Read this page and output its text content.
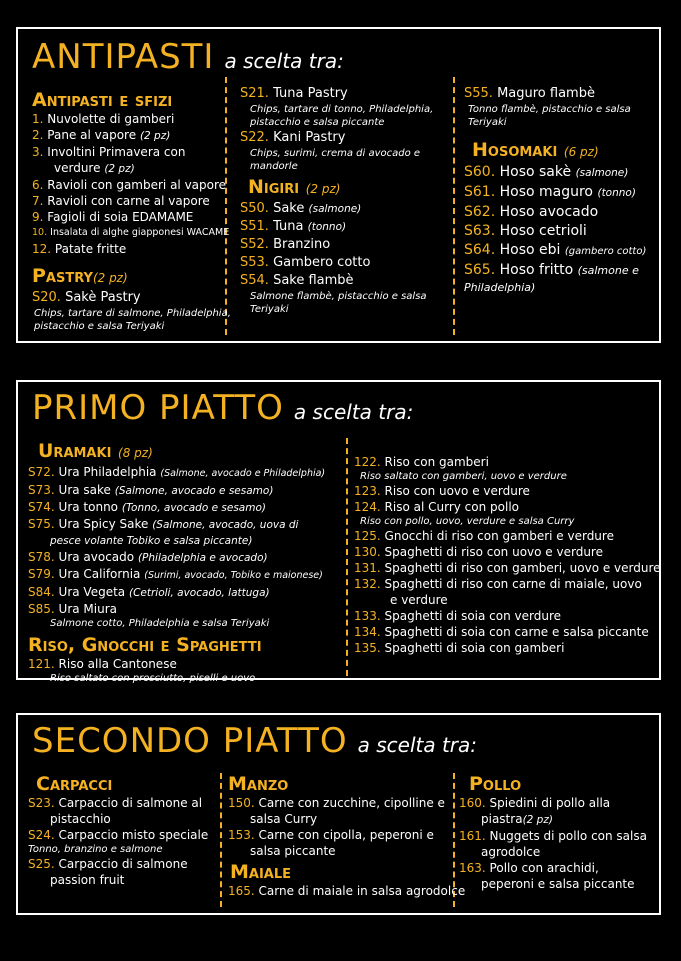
ANTIPASTI a scelta tra:
Antipasti e sfizi
1. Nuvolette di gamberi
2. Pane al vapore (2 pz)
3. Involtini Primavera con
verdure (2 pz)
6. Ravioli con gamberi al vapore
7. Ravioli con carne al vapore
9. Fagioli di soia EDAMAME
10. Insalata di alghe giapponesi WACAME
12. Patate fritte
Pastry(2 pz)
S20. Sakè Pastry
Chips, tartare di salmone, Philadelphia,
pistacchio e salsa Teriyaki
S21. Tuna Pastry
Chips, tartare di tonno, Philadelphia,
pistacchio e salsa piccante
S22. Kani Pastry
Chips, surimi, crema di avocado e
mandorle
Nigiri (2 pz)
S50. Sake (salmone)
S51. Tuna (tonno)
S52. Branzino
S53. Gambero cotto
S54. Sake flambè
Salmone flambè, pistacchio e salsa
Teriyaki
S55. Maguro flambè
Tonno flambè, pistacchio e salsa
Teriyaki
Hosomaki (6 pz)
S60. Hoso sakè (salmone)
S61. Hoso maguro (tonno)
S62. Hoso avocado
S63. Hoso cetrioli
S64. Hoso ebi (gambero cotto)
S65. Hoso fritto (salmone e
Philadelphia)
PRIMO PIATTO a scelta tra:
Uramaki (8 pz)
S72. Ura Philadelphia (Salmone, avocado e Philadelphia)
S73. Ura sake (Salmone, avocado e sesamo)
S74. Ura tonno (Tonno, avocado e sesamo)
S75. Ura Spicy Sake (Salmone, avocado, uova di
pesce volante Tobiko e salsa piccante)
S78. Ura avocado (Philadelphia e avocado)
S79. Ura California (Surimi, avocado, Tobiko e maionese)
S84. Ura Vegeta (Cetrioli, avocado, lattuga)
S85. Ura Miura
Salmone cotto, Philadelphia e salsa Teriyaki
Riso, Gnocchi e Spaghetti
121. Riso alla Cantonese
Riso saltato con prosciutto, piselli e uovo
122. Riso con gamberi
Riso saltato con gamberi, uovo e verdure
123. Riso con uovo e verdure
124. Riso al Curry con pollo
Riso con pollo, uovo, verdure e salsa Curry
125. Gnocchi di riso con gamberi e verdure
130. Spaghetti di riso con uovo e verdure
131. Spaghetti di riso con gamberi, uovo e verdure
132. Spaghetti di riso con carne di maiale, uovo
e verdure
133. Spaghetti di soia con verdure
134. Spaghetti di soia con carne e salsa piccante
135. Spaghetti di soia con gamberi
SECONDO PIATTO a scelta tra:
Carpacci
S23. Carpaccio di salmone al
pistacchio
S24. Carpaccio misto speciale
Tonno, branzino e salmone
S25. Carpaccio di salmone
passion fruit
Manzo
150. Carne con zucchine, cipolline e
salsa Curry
153. Carne con cipolla, peperoni e
salsa piccante
Maiale
165. Carne di maiale in salsa agrodolce
Pollo
160. Spiedini di pollo alla
piastra(2 pz)
161. Nuggets di pollo con salsa
agrodolce
163. Pollo con arachidi,
peperoni e salsa piccante
